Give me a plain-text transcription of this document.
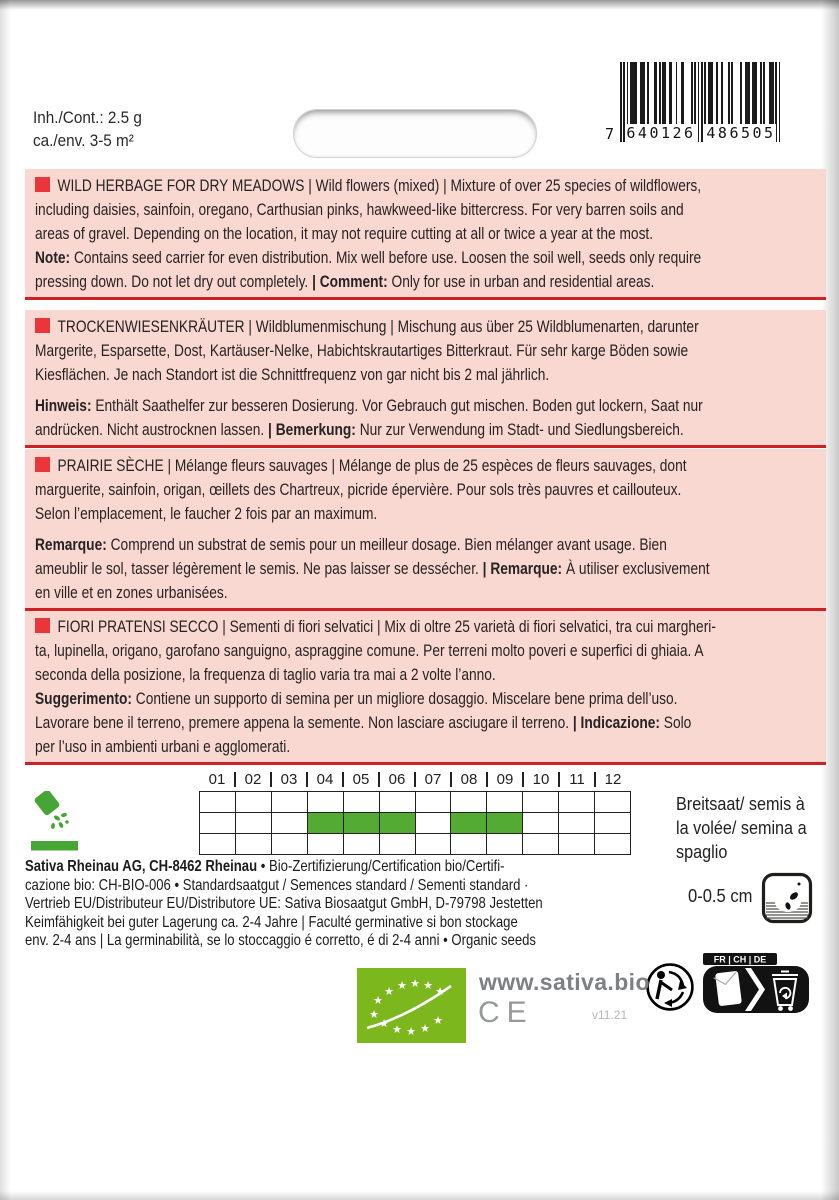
Inh./Cont.: 2.5 g
ca./env. 3-5 m²	7 640126 486505
WILD HERBAGE FOR DRY MEADOWS | Wild flowers (mixed) | Mixture of over 25 species of wildflowers,
including daisies, sainfoin, oregano, Carthusian pinks, hawkweed-like bittercress. For very barren soils and
areas of gravel. Depending on the location, it may not require cutting at all or twice a year at the most.
Note: Contains seed carrier for even distribution. Mix well before use. Loosen the soil well, seeds only require
pressing down. Do not let dry out completely. | Comment: Only for use in urban and residential areas.
TROCKENWIESENKRÄUTER | Wildblumenmischung | Mischung aus über 25 Wildblumenarten, darunter
Margerite, Esparsette, Dost, Kartäuser-Nelke, Habichtskrautartiges Bitterkraut. Für sehr karge Böden sowie
Kiesflächen. Je nach Standort ist die Schnittfrequenz von gar nicht bis 2 mal jährlich.
Hinweis: Enthält Saathelfer zur besseren Dosierung. Vor Gebrauch gut mischen. Boden gut lockern, Saat nur
andrücken. Nicht austrocknen lassen. | Bemerkung: Nur zur Verwendung im Stadt- und Siedlungsbereich.
PRAIRIE SÈCHE | Mélange fleurs sauvages | Mélange de plus de 25 espèces de fleurs sauvages, dont
marguerite, sainfoin, origan, œillets des Chartreux, picride épervière. Pour sols très pauvres et caillouteux.
Selon l’emplacement, le faucher 2 fois par an maximum.
Remarque: Comprend un substrat de semis pour un meilleur dosage. Bien mélanger avant usage. Bien
ameublir le sol, tasser légèrement le semis. Ne pas laisser se dessécher. | Remarque: À utiliser exclusivement
en ville et en zones urbanisées.
FIORI PRATENSI SECCO | Sementi di fiori selvatici | Mix di oltre 25 varietà di fiori selvatici, tra cui margheri-
ta, lupinella, origano, garofano sanguigno, aspraggine comune. Per terreni molto poveri e superfici di ghiaia. A
seconda della posizione, la frequenza di taglio varia tra mai a 2 volte l’anno.
Suggerimento: Contiene un supporto di semina per un migliore dosaggio. Miscelare bene prima dell’uso.
Lavorare bene il terreno, premere appena la semente. Non lasciare asciugare il terreno. | Indicazione: Solo
per l’uso in ambienti urbani e agglomerati.
01	02	03	04	05	06	07	08	09	10	11	12
Breitsaat/ semis à
la volée/ semina a
spaglio
0-0.5 cm
Sativa Rheinau AG, CH-8462 Rheinau • Bio-Zertifizierung/Certification bio/Certifi-
cazione bio: CH-BIO-006 • Standardsaatgut / Semences standard / Sementi standard ·
Vertrieb EU/Distributeur EU/Distributore UE: Sativa Biosaatgut GmbH, D-79798 Jestetten
Keimfähigkeit bei guter Lagerung ca. 2-4 Jahre | Faculté germinative si bon stockage
env. 2-4 ans | La germinabilità, se lo stoccaggio é corretto, é di 2-4 anni • Organic seeds
FR | CH | DE
★
★ ★ ★ ★ ★
★
★ ★ ★ ★
★
www.sativa.bio
CE	v11.21
